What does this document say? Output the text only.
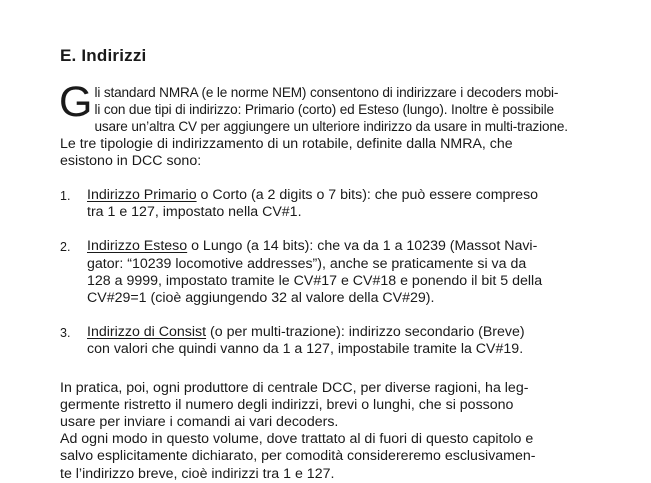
E. Indirizzi
G li standard NMRA (e le norme NEM) consentono di indirizzare i decoders mobi-
li con due tipi di indirizzo: Primario (corto) ed Esteso (lungo). Inoltre è possibile
usare un’altra CV per aggiungere un ulteriore indirizzo da usare in multi-trazione.

Le tre tipologie di indirizzamento di un rotabile, definite dalla NMRA, che
esistono in DCC sono:

1. Indirizzo Primario o Corto (a 2 digits o 7 bits): che può essere compreso
tra 1 e 127, impostato nella CV#1.

2. Indirizzo Esteso o Lungo (a 14 bits): che va da 1 a 10239 (Massot Navi-
gator: “10239 locomotive addresses”), anche se praticamente si va da
128 a 9999, impostato tramite le CV#17 e CV#18 e ponendo il bit 5 della
CV#29=1 (cioè aggiungendo 32 al valore della CV#29).

3. Indirizzo di Consist (o per multi-trazione): indirizzo secondario (Breve)
con valori che quindi vanno da 1 a 127, impostabile tramite la CV#19.

In pratica, poi, ogni produttore di centrale DCC, per diverse ragioni, ha leg-
germente ristretto il numero degli indirizzi, brevi o lunghi, che si possono
usare per inviare i comandi ai vari decoders.

Ad ogni modo in questo volume, dove trattato al di fuori di questo capitolo e
salvo esplicitamente dichiarato, per comodità considereremo esclusivamen-
te l’indirizzo breve, cioè indirizzi tra 1 e 127.
